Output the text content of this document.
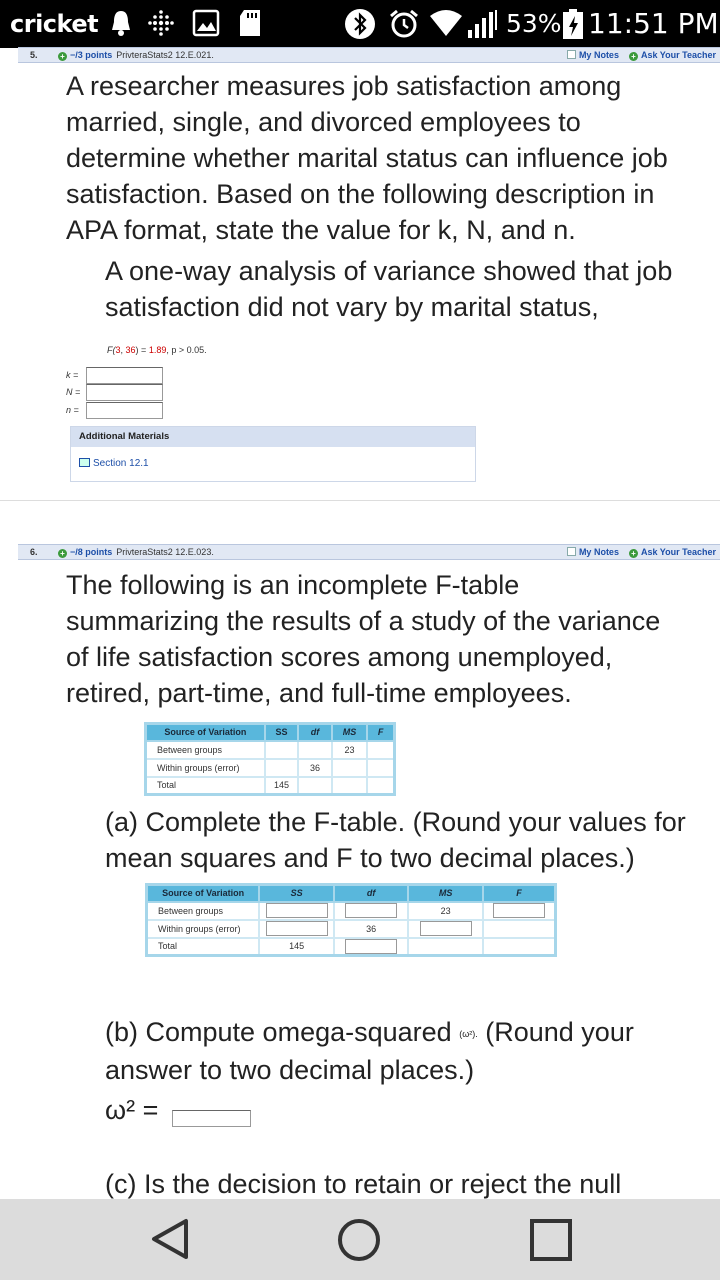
cricket	53% 11:51 PM
5.	+ −/3 points PrivteraStats2 12.E.021.	My Notes + Ask Your Teacher
A researcher measures job satisfaction among
married, single, and divorced employees to
determine whether marital status can influence job
satisfaction. Based on the following description in
APA format, state the value for k, N, and n.
A one-way analysis of variance showed that job
satisfaction did not vary by marital status,
F(3, 36) = 1.89, p > 0.05.
k =
N =
n =
Additional Materials
Section 12.1
6.	+ −/8 points PrivteraStats2 12.E.023.	My Notes + Ask Your Teacher
The following is an incomplete F-table
summarizing the results of a study of the variance
of life satisfaction scores among unemployed,
retired, part-time, and full-time employees.
Source of Variation	SS	df	MS	F
Between groups			23	
Within groups (error)		36		
Total	145			
(a) Complete the F-table. (Round your values for
mean squares and F to two decimal places.)
Source of Variation	SS	df	MS	F
Between groups			23	
Within groups (error)		36		
Total	145			
(b) Compute omega-squared (ω²). (Round your
answer to two decimal places.)
ω² =
(c) Is the decision to retain or reject the null
